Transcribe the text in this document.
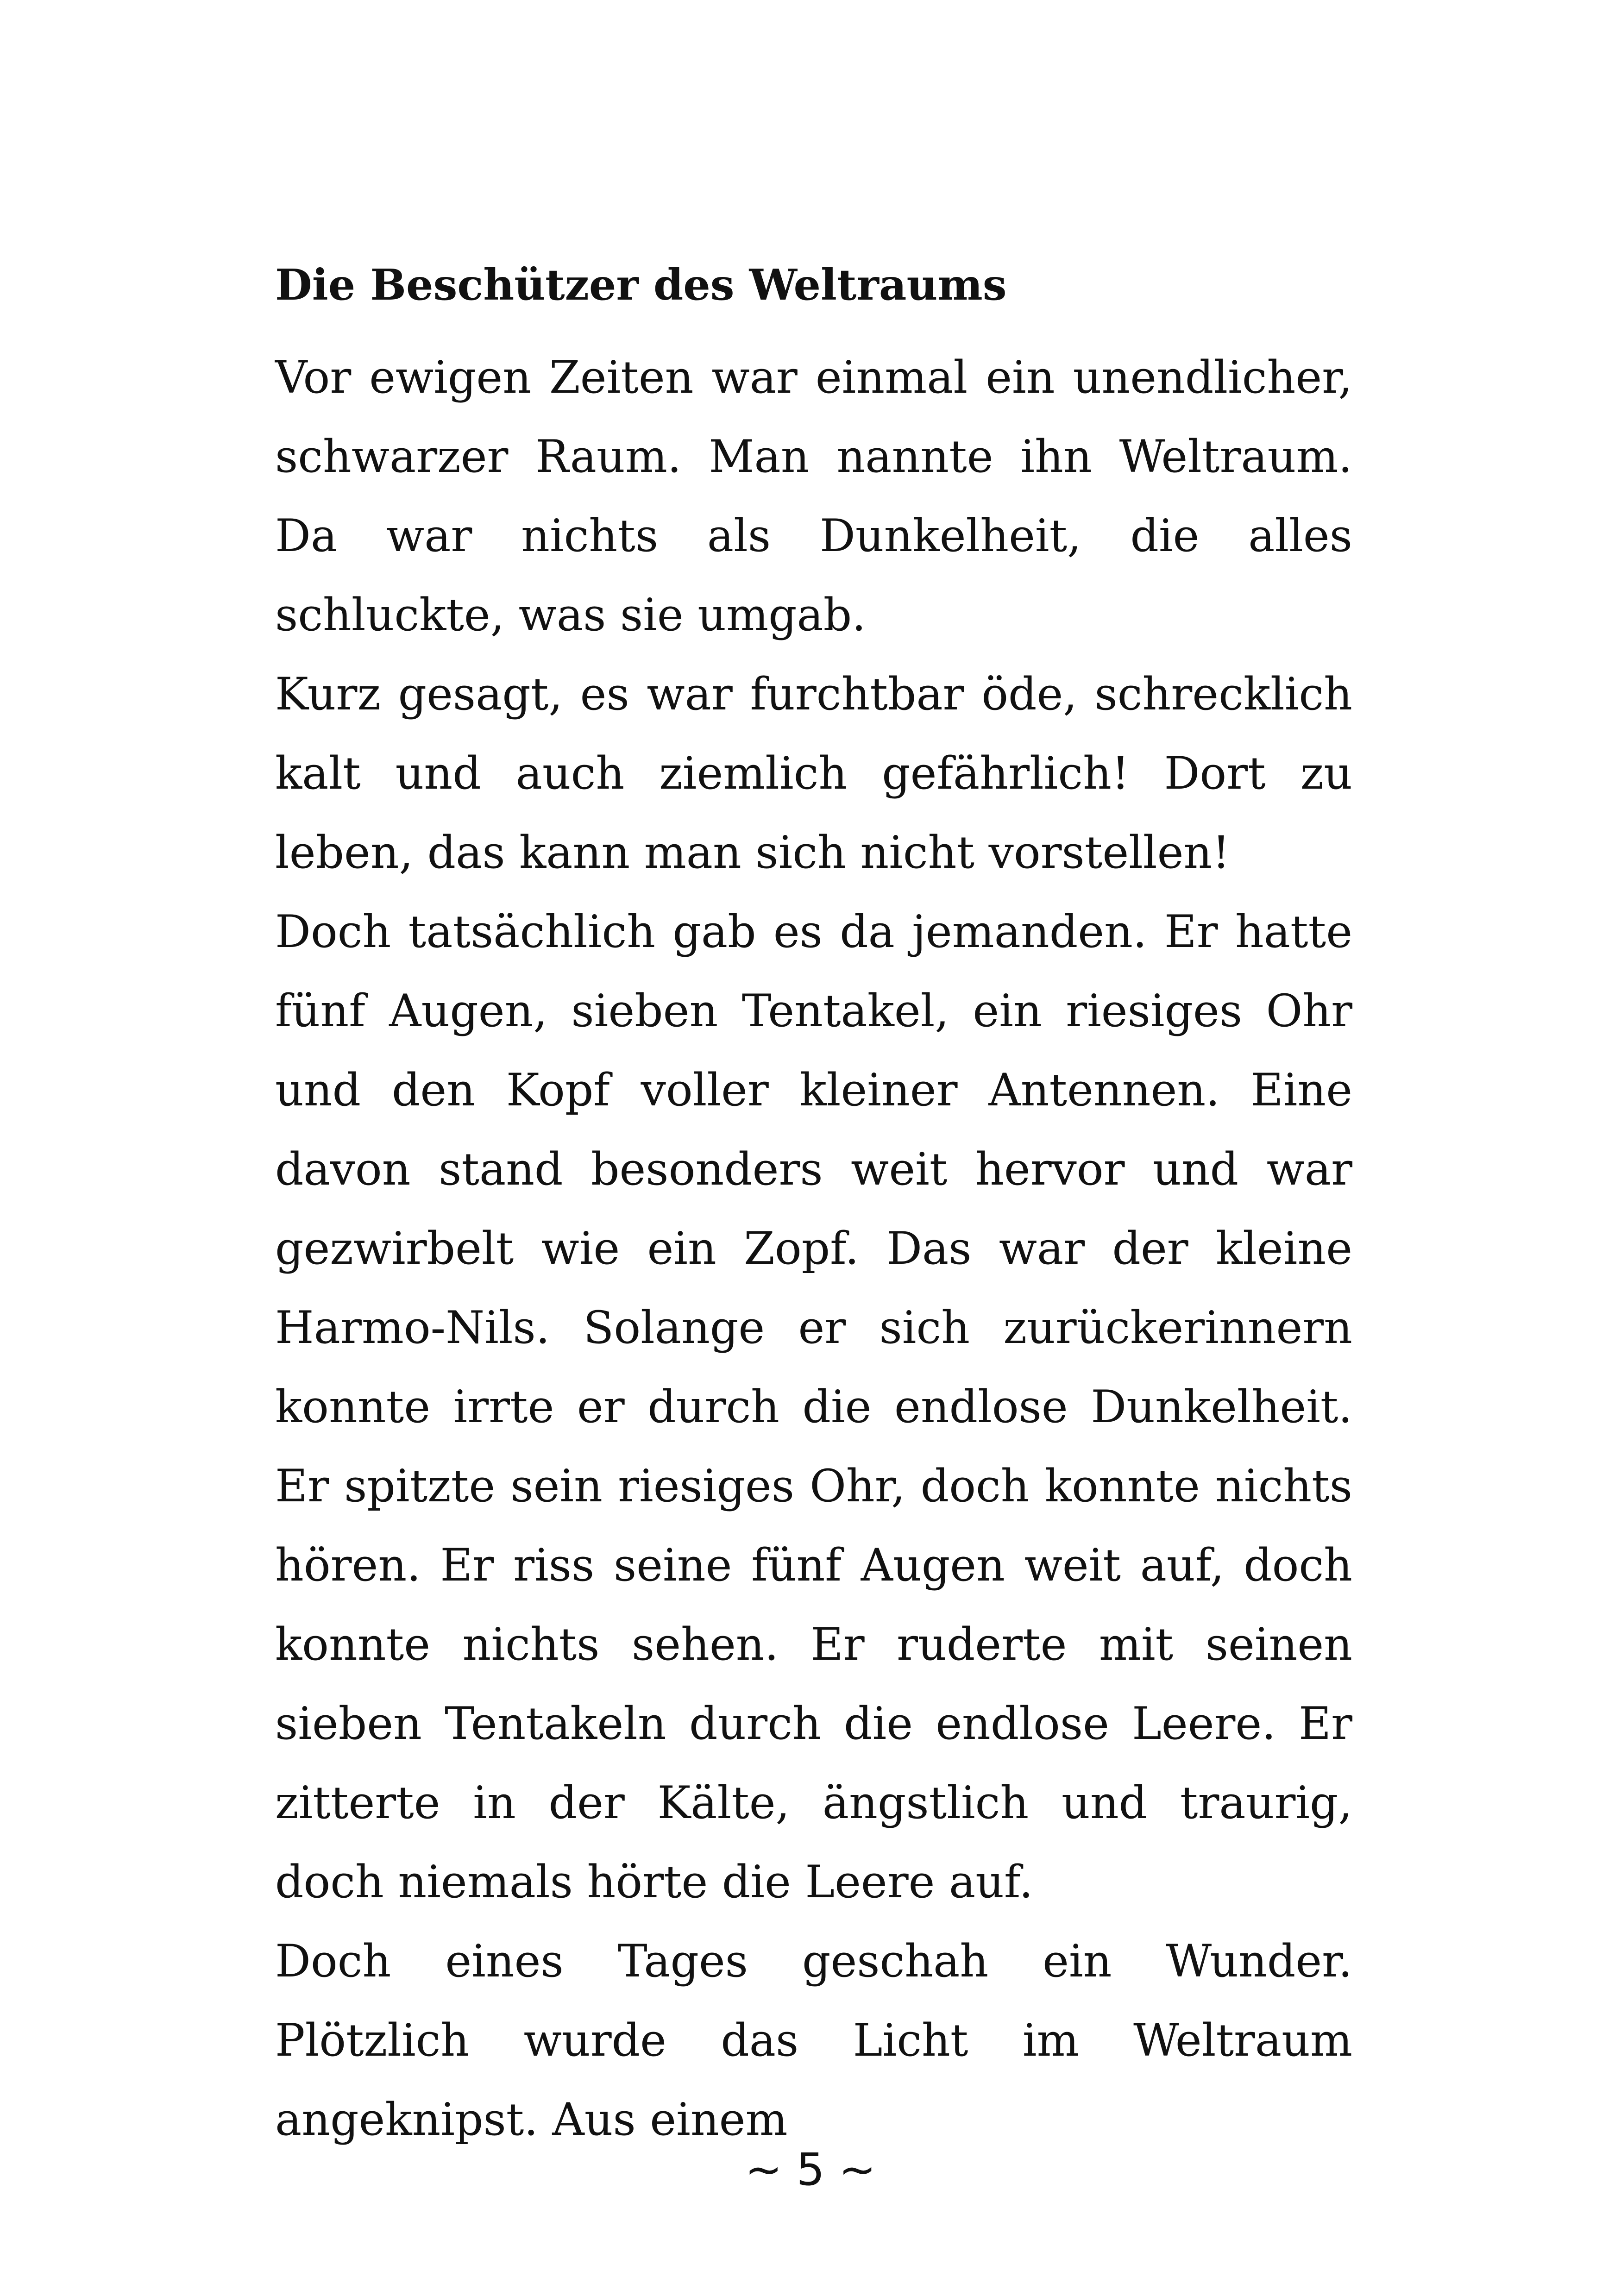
Die Beschützer des Weltraums

Vor ewigen Zeiten war einmal ein unendlicher, schwarzer Raum. Man nannte ihn Weltraum. Da war nichts als Dunkelheit, die alles schluckte, was sie umgab.

Kurz gesagt, es war furchtbar öde, schrecklich kalt und auch ziemlich gefährlich! Dort zu leben, das kann man sich nicht vorstellen!

Doch tatsächlich gab es da jemanden. Er hatte fünf Augen, sieben Tentakel, ein riesiges Ohr und den Kopf voller kleiner Antennen. Eine davon stand besonders weit hervor und war gezwirbelt wie ein Zopf. Das war der kleine Harmo-Nils. Solange er sich zurückerinnern konnte irrte er durch die endlose Dunkelheit. Er spitzte sein riesiges Ohr, doch konnte nichts hören. Er riss seine fünf Augen weit auf, doch konnte nichts sehen. Er ruderte mit seinen sieben Tentakeln durch die endlose Leere. Er zitterte in der Kälte, ängstlich und traurig, doch niemals hörte die Leere auf.

Doch eines Tages geschah ein Wunder. Plötzlich wurde das Licht im Weltraum angeknipst. Aus einem

~ 5 ~
